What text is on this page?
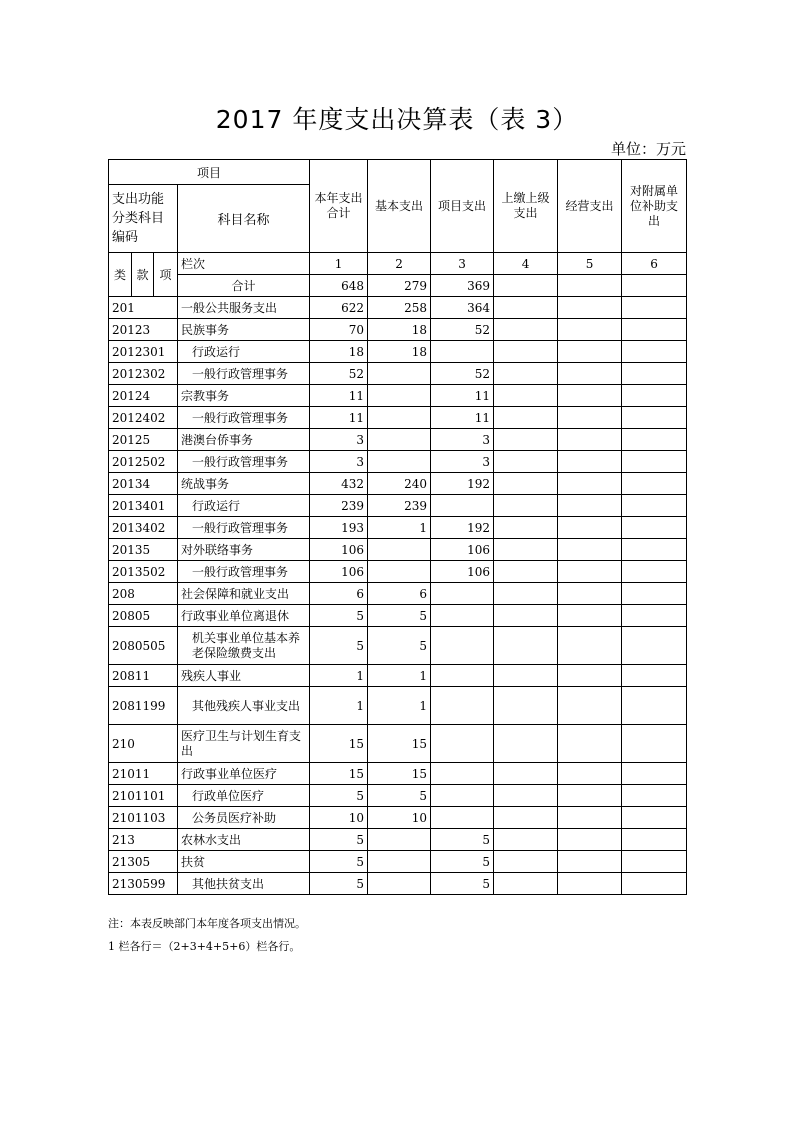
2017 年度支出决算表（表 3）
单位：万元
项目				本年支出合计	基本支出	项目支出	上缴上级支出	经营支出	对附属单位补助支出
支出功能分类科目编码			科目名称						
类	款	项	栏次	1	2	3	4	5	6
			合计	648	279	369			
201			一般公共服务支出	622	258	364			
20123			民族事务	70	18	52			
2012301			行政运行	18	18				
2012302			一般行政管理事务	52		52			
20124			宗教事务	11		11			
2012402			一般行政管理事务	11		11			
20125			港澳台侨事务	3		3			
2012502			一般行政管理事务	3		3			
20134			统战事务	432	240	192			
2013401			行政运行	239	239				
2013402			一般行政管理事务	193	1	192			
20135			对外联络事务	106		106			
2013502			一般行政管理事务	106		106			
208			社会保障和就业支出	6	6				
20805			行政事业单位离退休	5	5				
2080505			机关事业单位基本养老保险缴费支出	5	5				
20811			残疾人事业	1	1				
2081199			其他残疾人事业支出	1	1				
210			医疗卫生与计划生育支出	15	15				
21011			行政事业单位医疗	15	15				
2101101			行政单位医疗	5	5				
2101103			公务员医疗补助	10	10				
213			农林水支出	5		5			
21305			扶贫	5		5			
2130599			其他扶贫支出	5		5			
注：本表反映部门本年度各项支出情况。
1 栏各行＝（2+3+4+5+6）栏各行。
